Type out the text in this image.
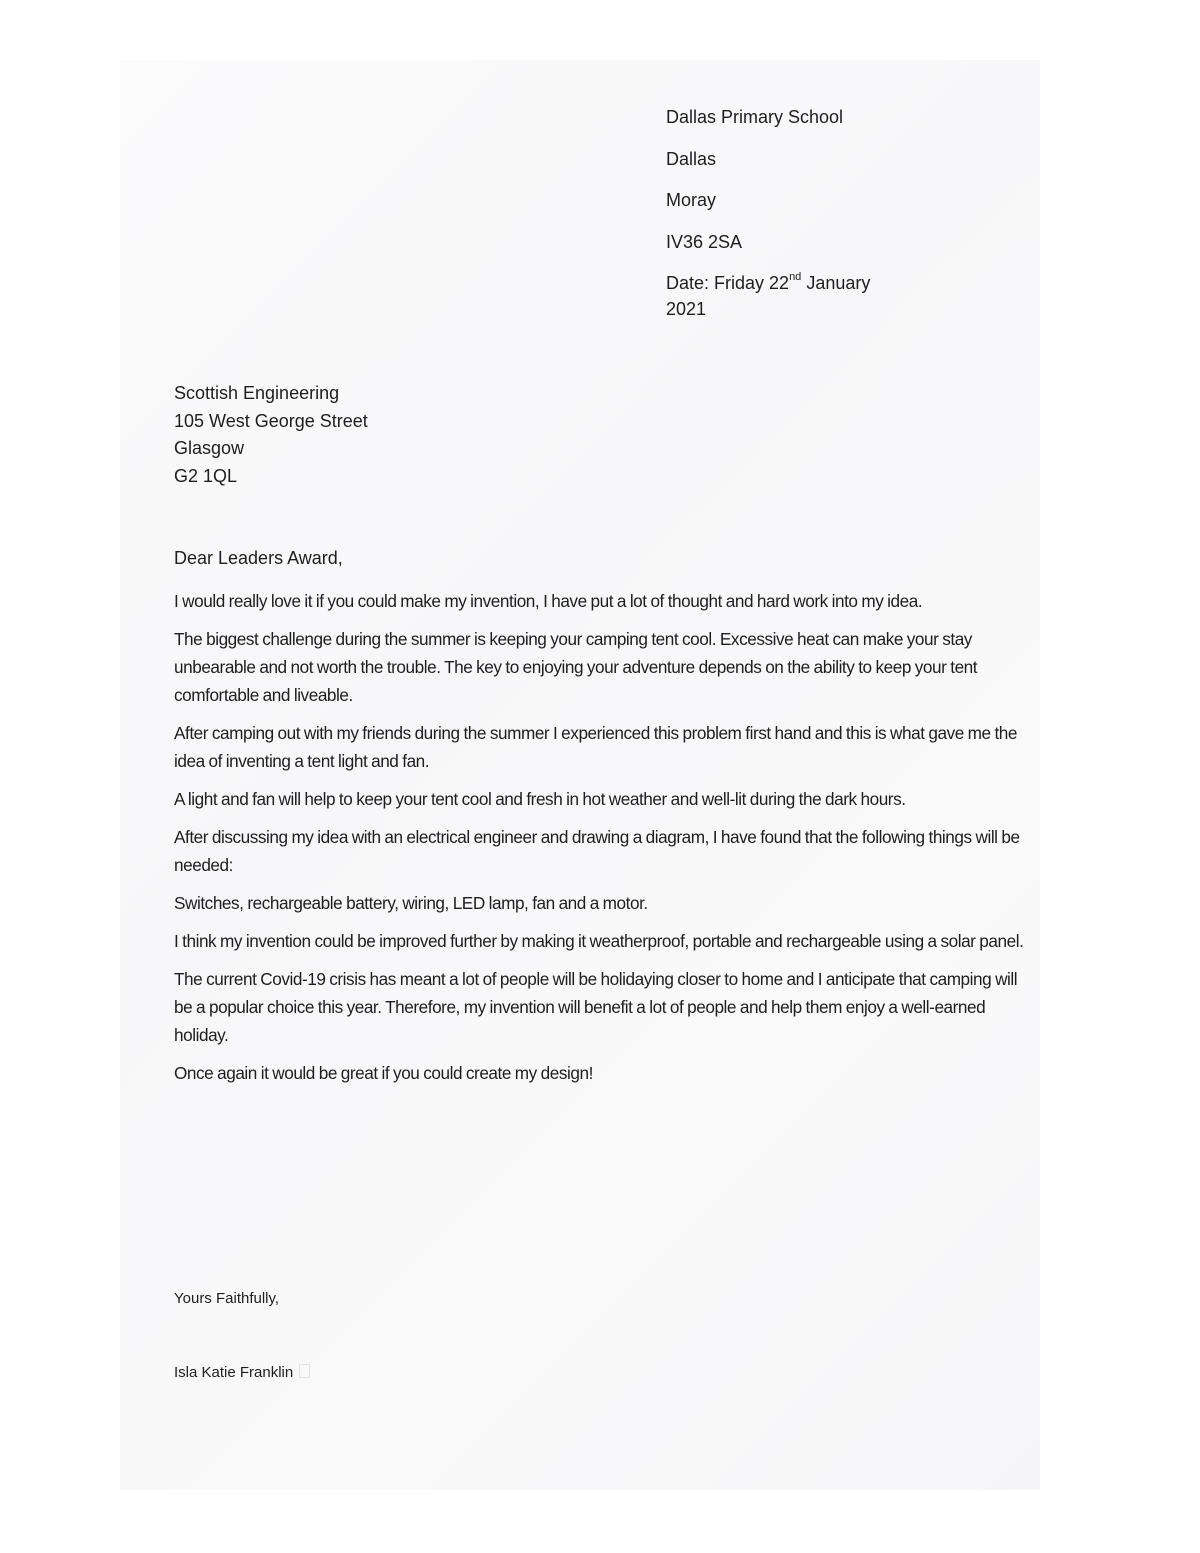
Dallas Primary School
Dallas
Moray
IV36 2SA
Date: Friday 22nd January
2021
Scottish Engineering
105 West George Street
Glasgow
G2 1QL
Dear Leaders Award,

I would really love it if you could make my invention, I have put a lot of thought and hard work into my idea.

The biggest challenge during the summer is keeping your camping tent cool. Excessive heat can make your stay unbearable and not worth the trouble. The key to enjoying your adventure depends on the ability to keep your tent comfortable and liveable.

After camping out with my friends during the summer I experienced this problem first hand and this is what gave me the idea of inventing a tent light and fan.

A light and fan will help to keep your tent cool and fresh in hot weather and well-lit during the dark hours.

After discussing my idea with an electrical engineer and drawing a diagram, I have found that the following things will be needed:

Switches, rechargeable battery, wiring, LED lamp, fan and a motor.

I think my invention could be improved further by making it weatherproof, portable and rechargeable using a solar panel.

The current Covid-19 crisis has meant a lot of people will be holidaying closer to home and I anticipate that camping will be a popular choice this year. Therefore, my invention will benefit a lot of people and help them enjoy a well-earned holiday.

Once again it would be great if you could create my design!

Yours Faithfully,
Isla Katie Franklin
